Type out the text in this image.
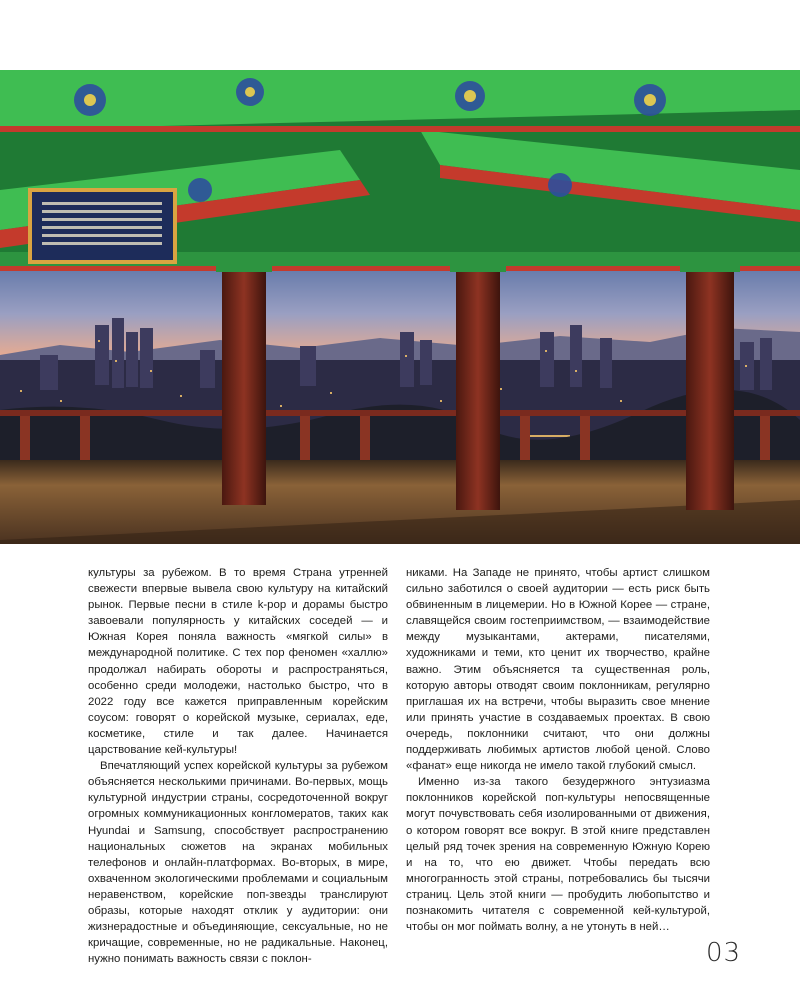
культуры за рубежом. В то время Страна утренней свежести впервые вывела свою культуру на китайский рынок. Первые песни в стиле k-pop и дорамы быстро завоевали популярность у китайских соседей — и Южная Корея поняла важность «мягкой силы» в международной политике. С тех пор феномен «халлю» продолжал набирать обороты и распространяться, особенно среди молодежи, настолько быстро, что в 2022 году все кажется приправленным корейским соусом: говорят о корейской музыке, сериалах, еде, косметике, стиле и так далее. Начинается царствование кей-культуры!

Впечатляющий успех корейской культуры за рубежом объясняется несколькими причинами. Во-первых, мощь культурной индустрии страны, сосредоточенной вокруг огромных коммуникационных конгломератов, таких как Hyundai и Samsung, способствует распространению национальных сюжетов на экранах мобильных телефонов и онлайн-платформах. Во-вторых, в мире, охваченном экологическими проблемами и социальным неравенством, корейские поп-звезды транслируют образы, которые находят отклик у аудитории: они жизнерадостные и объединяющие, сексуальные, но не кричащие, современные, но не радикальные. Наконец, нужно понимать важность связи с поклон-

никами. На Западе не принято, чтобы артист слишком сильно заботился о своей аудитории — есть риск быть обвиненным в лицемерии. Но в Южной Корее — стране, славящейся своим гостеприимством, — взаимодействие между музыкантами, актерами, писателями, художниками и теми, кто ценит их творчество, крайне важно. Этим объясняется та существенная роль, которую авторы отводят своим поклонникам, регулярно приглашая их на встречи, чтобы выразить свое мнение или принять участие в создаваемых проектах. В свою очередь, поклонники считают, что они должны поддерживать любимых артистов любой ценой. Слово «фанат» еще никогда не имело такой глубокий смысл.

Именно из-за такого безудержного энтузиазма поклонников корейской поп-культуры непосвященные могут почувствовать себя изолированными от движения, о котором говорят все вокруг. В этой книге представлен целый ряд точек зрения на современную Южную Корею и на то, что ею движет. Чтобы передать всю многогранность этой страны, потребовались бы тысячи страниц. Цель этой книги — пробудить любопытство и познакомить читателя с современной кей-культурой, чтобы он мог поймать волну, а не утонуть в ней…

03
